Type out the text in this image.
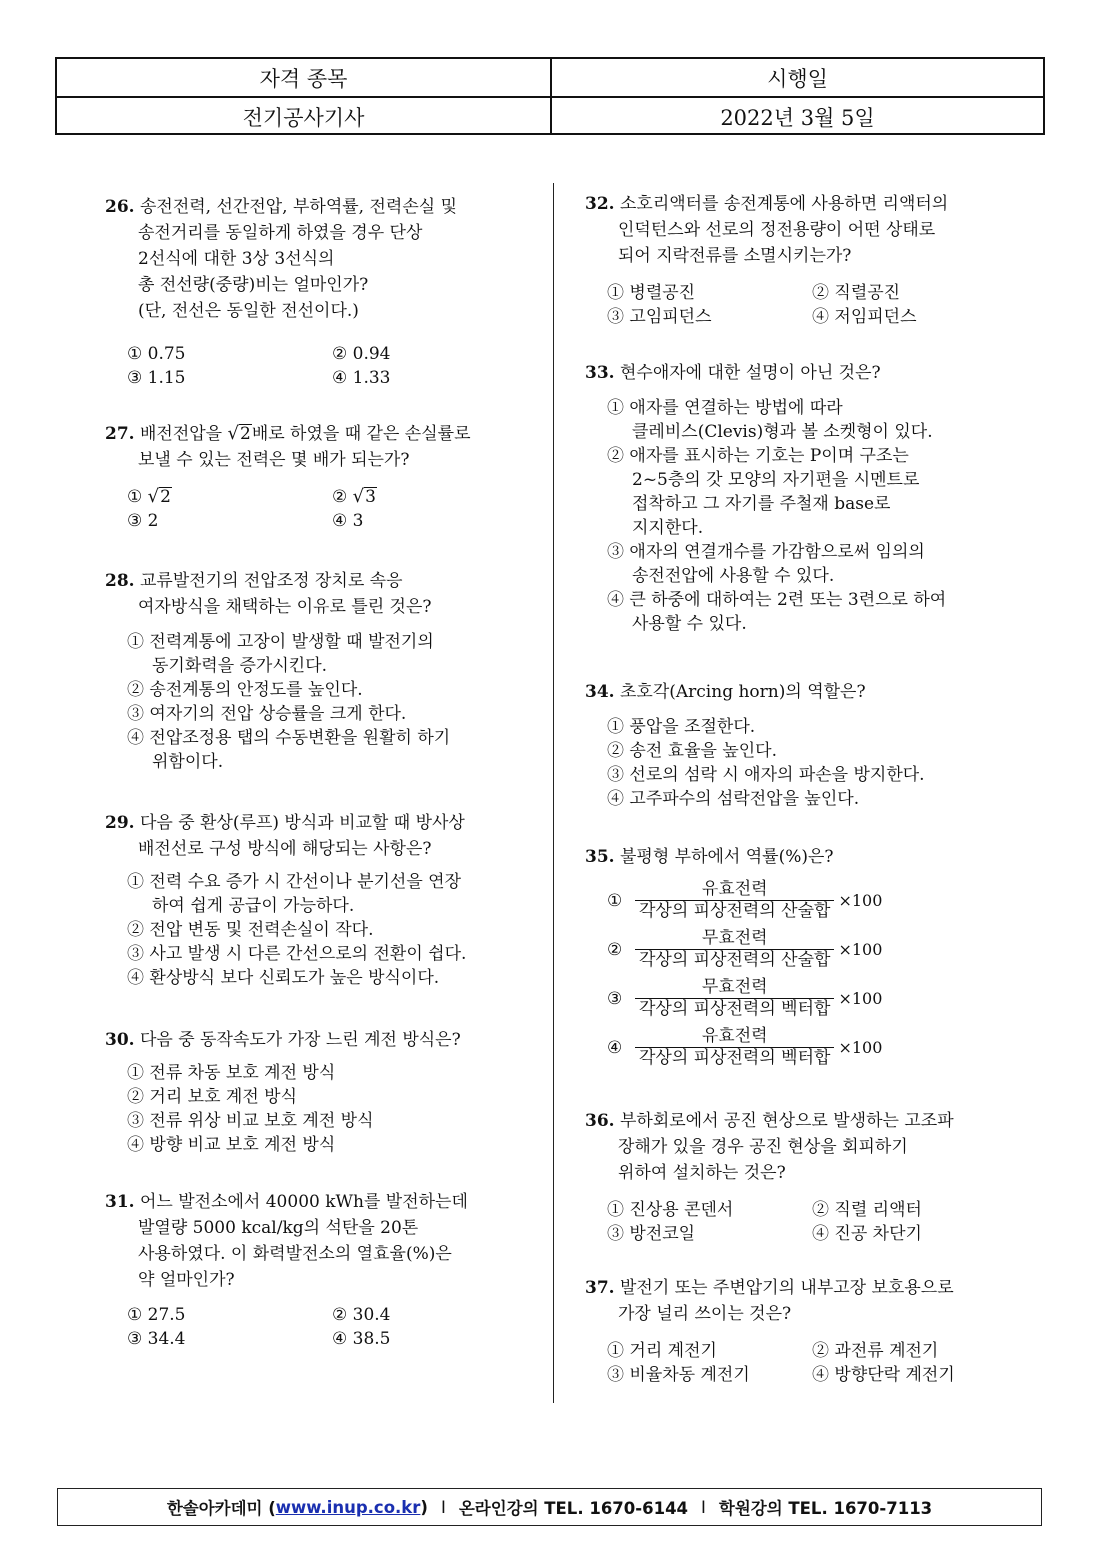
자격 종목	시행일
전기공사기사	2022년 3월 5일
26. 송전전력, 선간전압, 부하역률, 전력손실 및
송전거리를 동일하게 하였을 경우 단상
2선식에 대한 3상 3선식의
총 전선량(중량)비는 얼마인가?
(단, 전선은 동일한 전선이다.)
① 0.75	② 0.94
③ 1.15	④ 1.33
27. 배전전압을 √ 2 배로 하였을 때 같은 손실률로
보낼 수 있는 전력은 몇 배가 되는가?
① √ 2	② √ 3
③ 2	④ 3
28. 교류발전기의 전압조정 장치로 속응
여자방식을 채택하는 이유로 틀린 것은?
① 전력계통에 고장이 발생할 때 발전기의
동기화력을 증가시킨다.
② 송전계통의 안정도를 높인다.
③ 여자기의 전압 상승률을 크게 한다.
④ 전압조정용 탭의 수동변환을 원활히 하기
위함이다.
29. 다음 중 환상(루프) 방식과 비교할 때 방사상
배전선로 구성 방식에 해당되는 사항은?
① 전력 수요 증가 시 간선이나 분기선을 연장
하여 쉽게 공급이 가능하다.
② 전압 변동 및 전력손실이 작다.
③ 사고 발생 시 다른 간선으로의 전환이 쉽다.
④ 환상방식 보다 신뢰도가 높은 방식이다.
30. 다음 중 동작속도가 가장 느린 계전 방식은?
① 전류 차동 보호 계전 방식
② 거리 보호 계전 방식
③ 전류 위상 비교 보호 계전 방식
④ 방향 비교 보호 계전 방식
31. 어느 발전소에서 40000 kWh를 발전하는데
발열량 5000 kcal/kg의 석탄을 20톤
사용하였다. 이 화력발전소의 열효율(%)은
약 얼마인가?
① 27.5	② 30.4
③ 34.4	④ 38.5
32. 소호리액터를 송전계통에 사용하면 리액터의
인덕턴스와 선로의 정전용량이 어떤 상태로
되어 지락전류를 소멸시키는가?
① 병렬공진	② 직렬공진
③ 고임피던스	④ 저임피던스
33. 현수애자에 대한 설명이 아닌 것은?
① 애자를 연결하는 방법에 따라
클레비스(Clevis)형과 볼 소켓형이 있다.
② 애자를 표시하는 기호는 P이며 구조는
2~5층의 갓 모양의 자기편을 시멘트로
접착하고 그 자기를 주철재 base로
지지한다.
③ 애자의 연결개수를 가감함으로써 임의의
송전전압에 사용할 수 있다.
④ 큰 하중에 대하여는 2련 또는 3련으로 하여
사용할 수 있다.
34. 초호각(Arcing horn)의 역할은?
① 풍압을 조절한다.
② 송전 효율을 높인다.
③ 선로의 섬락 시 애자의 파손을 방지한다.
④ 고주파수의 섬락전압을 높인다.
35. 불평형 부하에서 역률(%)은?
① $\frac{\text{유효전력}}{\text{각상의 피상전력의 산술합}} \times 100$
② $\frac{\text{무효전력}}{\text{각상의 피상전력의 산술합}} \times 100$
③ $\frac{\text{무효전력}}{\text{각상의 피상전력의 벡터합}} \times 100$
④ $\frac{\text{유효전력}}{\text{각상의 피상전력의 벡터합}} \times 100$
36. 부하회로에서 공진 현상으로 발생하는 고조파
장해가 있을 경우 공진 현상을 회피하기
위하여 설치하는 것은?
① 진상용 콘덴서	② 직렬 리액터
③ 방전코일	④ 진공 차단기
37. 발전기 또는 주변압기의 내부고장 보호용으로
가장 널리 쓰이는 것은?
① 거리 계전기	② 과전류 계전기
③ 비율차동 계전기	④ 방향단락 계전기
한솔아카데미 ( www.inup.co.kr ) I 온라인강의 TEL. 1670-6144 I 학원강의 TEL. 1670-7113
